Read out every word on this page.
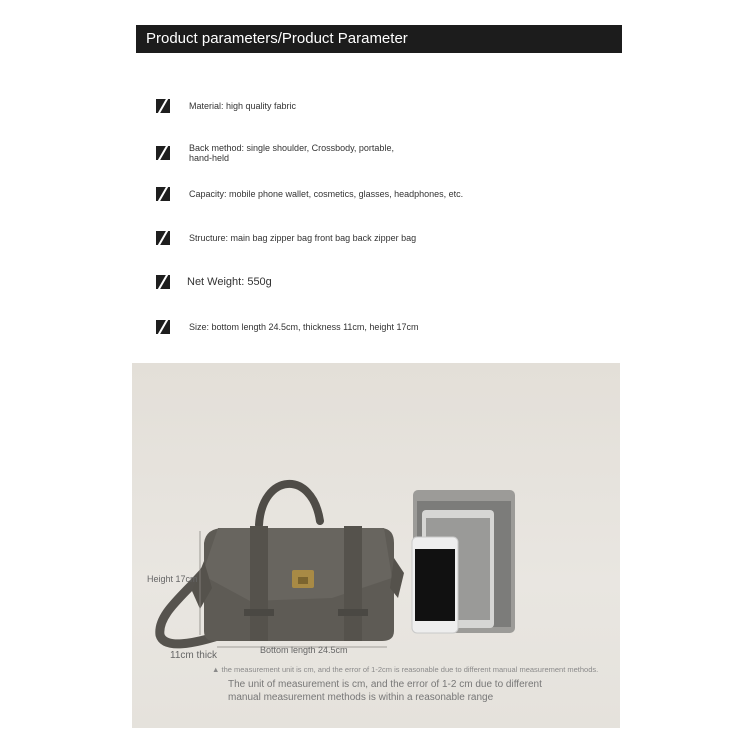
Product parameters/Product Parameter
Material: high quality fabric
Back method: single shoulder, Crossbody, portable,
hand-held
Capacity: mobile phone wallet, cosmetics, glasses, headphones, etc.
Structure: main bag zipper bag front bag back zipper bag
Net Weight: 550g
Size: bottom length 24.5cm, thickness 11cm, height 17cm
Height 17cm
11cm thick	Bottom length 24.5cm
▲ the measurement unit is cm, and the error of 1-2cm is reasonable due to different manual measurement methods.
The unit of measurement is cm, and the error of 1-2 cm due to different manual measurement methods is within a reasonable range
